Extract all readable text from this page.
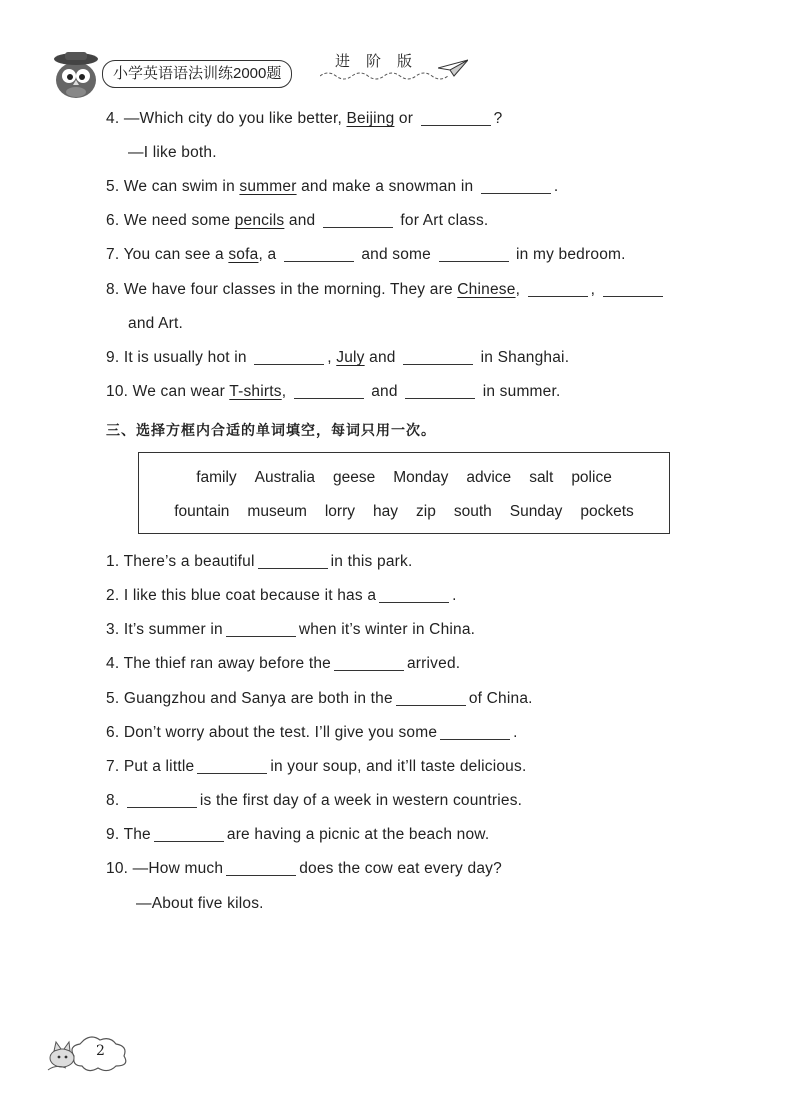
小学英语语法训练2000题
进阶版
4. —Which city do you like better, Beijing or	?
—I like both.
5. We can swim in summer and make a snowman in	.
6. We need some pencils and	for Art class.
7. You can see a sofa, a	and some	in my bedroom.
8. We have four classes in the morning. They are Chinese,	,
and Art.
9. It is usually hot in	, July and	in Shanghai.
10. We can wear T-shirts,	and	in summer.
三、选择方框内合适的单词填空，每词只用一次。
family Australia geese Monday advice salt police
fountain museum lorry hay zip south Sunday pockets
1. There’s a beautiful	in this park.
2. I like this blue coat because it has a	.
3. It’s summer in	when it’s winter in China.
4. The thief ran away before the	arrived.
5. Guangzhou and Sanya are both in the	of China.
6. Don’t worry about the test. I’ll give you some	.
7. Put a little	in your soup, and it’ll taste delicious.
8.	is the first day of a week in western countries.
9. The	are having a picnic at the beach now.
10. —How much	does the cow eat every day?
—About five kilos.
2
